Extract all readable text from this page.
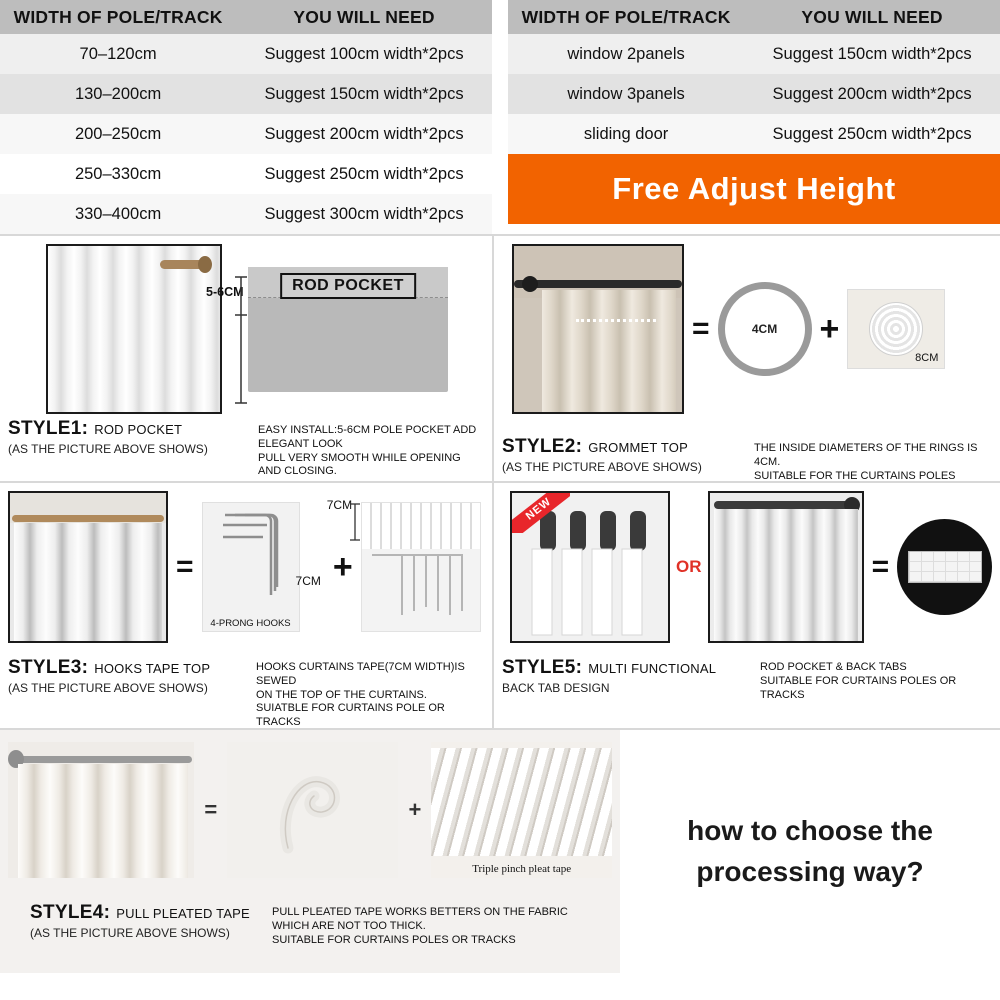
WIDTH OF POLE/TRACK	YOU WILL NEED
70–120cm	Suggest 100cm width*2pcs
130–200cm	Suggest 150cm width*2pcs
200–250cm	Suggest 200cm width*2pcs
250–330cm	Suggest 250cm width*2pcs
330–400cm	Suggest 300cm width*2pcs
WIDTH OF POLE/TRACK	YOU WILL NEED
window 2panels	Suggest 150cm width*2pcs
window 3panels	Suggest 200cm width*2pcs
sliding door	Suggest 250cm width*2pcs
Free Adjust Height
5-6CM	ROD POCKET
STYLE1: ROD POCKET
(AS THE PICTURE ABOVE SHOWS)
EASY INSTALL:5-6CM POLE POCKET ADD ELEGANT LOOK
PULL VERY SMOOTH WHILE OPENING AND CLOSING.
=	4CM +
8CM
STYLE2: GROMMET TOP
(AS THE PICTURE ABOVE SHOWS)
THE INSIDE DIAMETERS OF THE RINGS IS 4CM.
SUITABLE FOR THE CURTAINS POLES
=
4-PRONG HOOKS
7CM +
7CM
STYLE3: HOOKS TAPE TOP
(AS THE PICTURE ABOVE SHOWS)
HOOKS CURTAINS TAPE(7CM WIDTH)IS SEWED
ON THE TOP OF THE CURTAINS.
SUIATBLE FOR CURTAINS POLE OR TRACKS
NEW
OR	=
STYLE5: MULTI FUNCTIONAL
BACK TAB DESIGN
ROD POCKET & BACK TABS
SUITABLE FOR CURTAINS POLES OR TRACKS
=	+
Triple pinch pleat tape
STYLE4: PULL PLEATED TAPE
(AS THE PICTURE ABOVE SHOWS)
PULL PLEATED TAPE WORKS BETTERS ON THE FABRIC
WHICH ARE NOT TOO THICK.
SUITABLE FOR CURTAINS POLES OR TRACKS
how to choose the
processing way?
